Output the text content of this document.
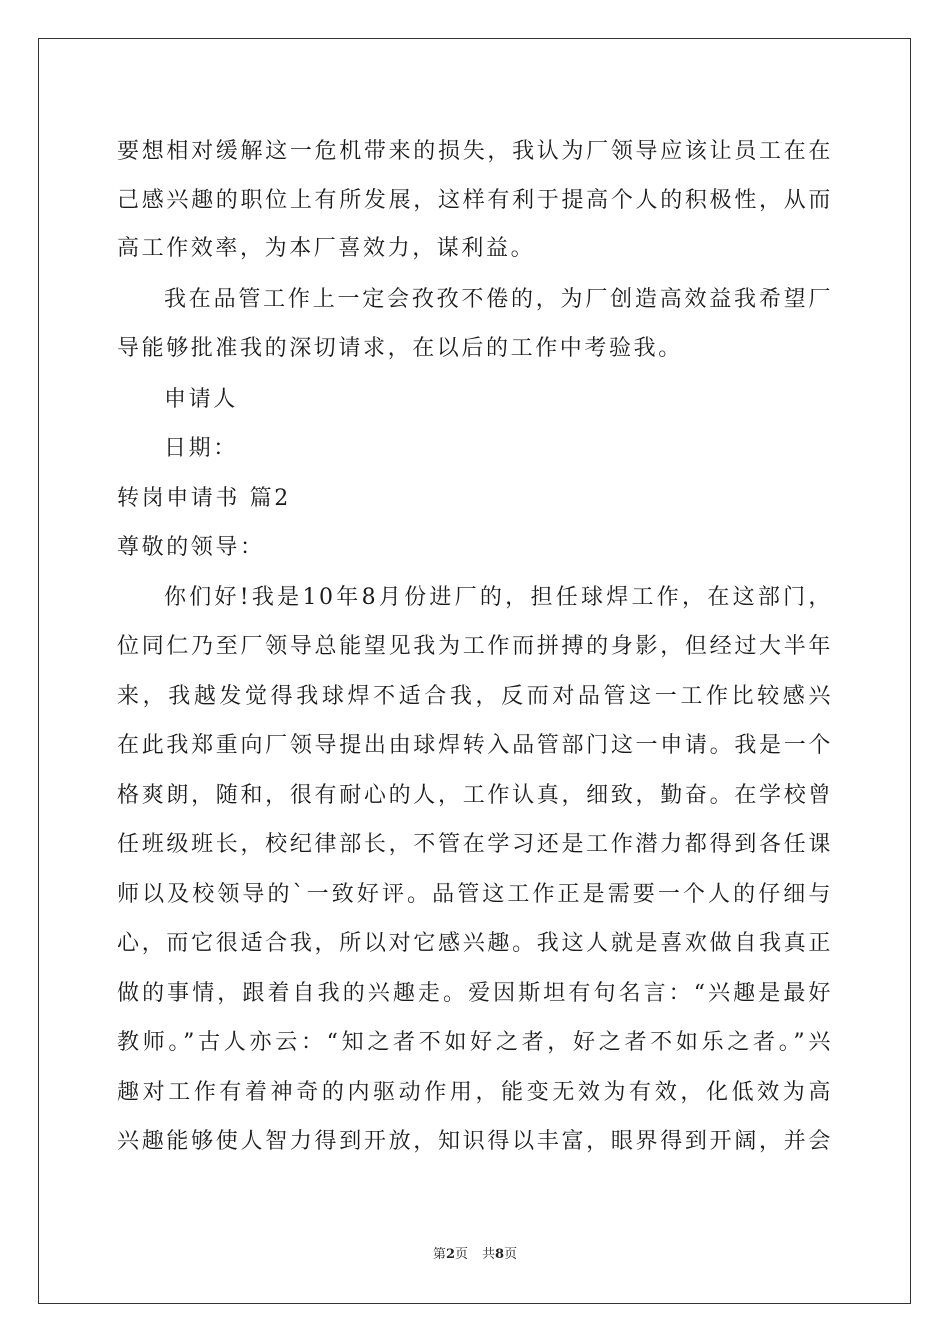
要想相对缓解这一危机带来的损失，我认为厂领导应该让员工在在
己感兴趣的职位上有所发展，这样有利于提高个人的积极性，从而
高工作效率，为本厂喜效力，谋利益。
我在品管工作上一定会孜孜不倦的，为厂创造高效益我希望厂
导能够批准我的深切请求，在以后的工作中考验我。
申请人
日期：
转岗申请书 篇2
尊敬的领导：
你们好!我是10年8月份进厂的，担任球焊工作，在这部门，
位同仁乃至厂领导总能望见我为工作而拼搏的身影，但经过大半年
来，我越发觉得我球焊不适合我，反而对品管这一工作比较感兴
在此我郑重向厂领导提出由球焊转入品管部门这一申请。我是一个
格爽朗，随和，很有耐心的人，工作认真，细致，勤奋。在学校曾
任班级班长，校纪律部长，不管在学习还是工作潜力都得到各任课
师以及校领导的`一致好评。品管这工作正是需要一个人的仔细与
心，而它很适合我，所以对它感兴趣。我这人就是喜欢做自我真正
做的事情，跟着自我的兴趣走。爱因斯坦有句名言：“兴趣是最好
教师。”古人亦云：“知之者不如好之者，好之者不如乐之者。”兴
趣对工作有着神奇的内驱动作用，能变无效为有效，化低效为高
兴趣能够使人智力得到开放，知识得以丰富，眼界得到开阔，并会
第2页 共8页
